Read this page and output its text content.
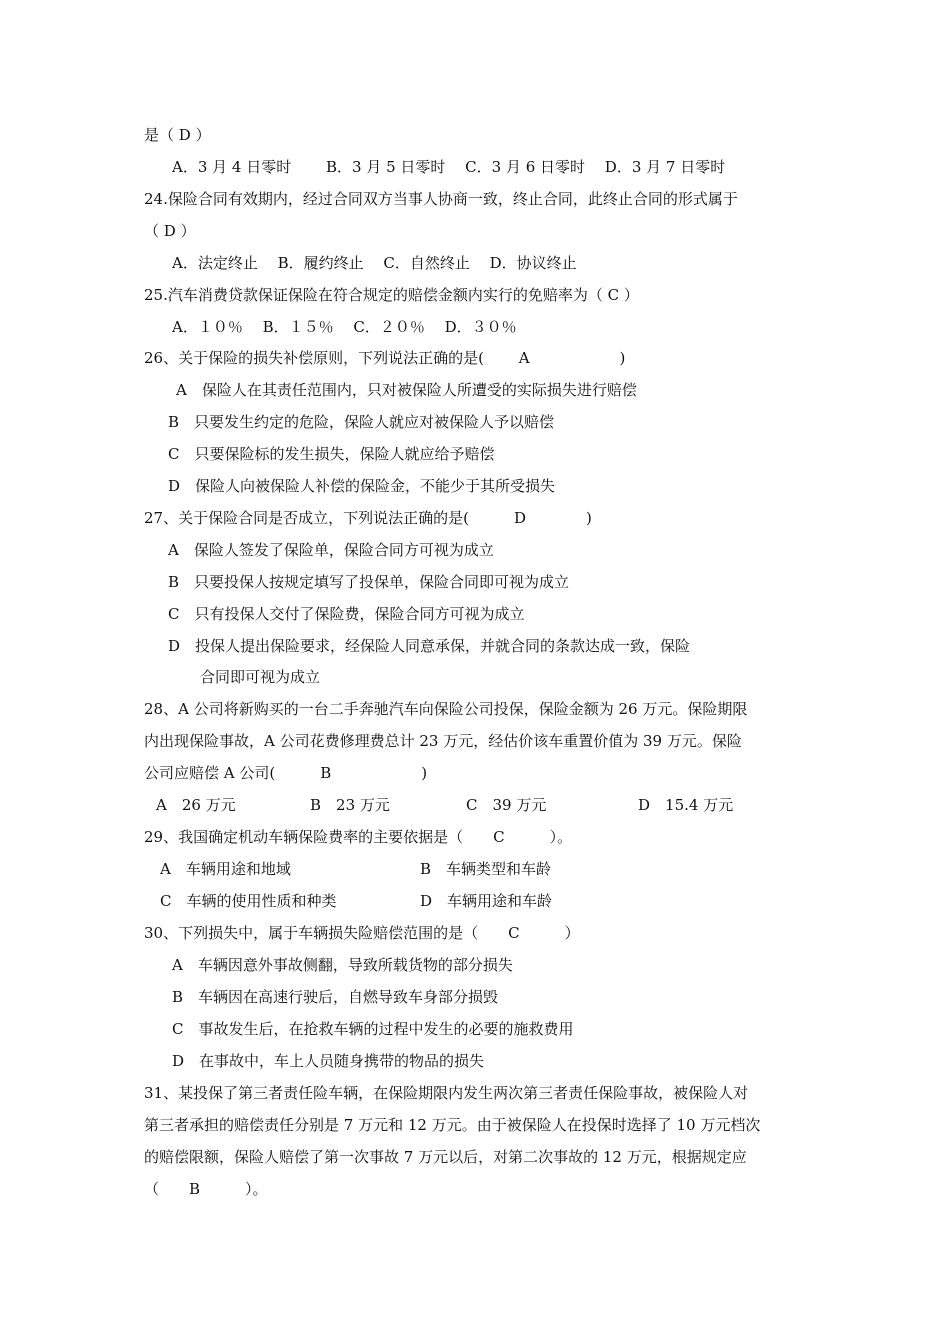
是（ D ）
A．3 月 4 日零时　　 B．3 月 5 日零时　 C．3 月 6 日零时　 D．3 月 7 日零时
24.保险合同有效期内，经过合同双方当事人协商一致，终止合同，此终止合同的形式属于
（ D ）
A．法定终止　 B．履约终止　 C．自然终止　 D．协议终止
25.汽车消费贷款保证保险在符合规定的赔偿金额内实行的免赔率为（ C ）
A．１０％　 B．１５％　 C．２０％　 D．３０％
26、关于保险的损失补偿原则，下列说法正确的是(　　 A　　　　　　)
A　保险人在其责任范围内，只对被保险人所遭受的实际损失进行赔偿
B　只要发生约定的危险，保险人就应对被保险人予以赔偿
C　只要保险标的发生损失，保险人就应给予赔偿
D　保险人向被保险人补偿的保险金，不能少于其所受损失
27、关于保险合同是否成立，下列说法正确的是(　　　D　　　　)
A　保险人签发了保险单，保险合同方可视为成立
B　只要投保人按规定填写了投保单，保险合同即可视为成立
C　只有投保人交付了保险费，保险合同方可视为成立
D　投保人提出保险要求，经保险人同意承保，并就合同的条款达成一致，保险
合同即可视为成立
28、A 公司将新购买的一台二手奔驰汽车向保险公司投保，保险金额为 26 万元。保险期限
内出现保险事故，A 公司花费修理费总计 23 万元，经估价该车重置价值为 39 万元。保险
公司应赔偿 A 公司(　　　B　　　　　　)
A　26 万元	B　23 万元	C　39 万元	D　15.4 万元
29、我国确定机动车辆保险费率的主要依据是（　　C　　　）。
A　车辆用途和地域	B　车辆类型和车龄
C　车辆的使用性质和种类	D　车辆用途和车龄
30、下列损失中，属于车辆损失险赔偿范围的是（　　C　　　）
A　车辆因意外事故侧翻，导致所载货物的部分损失
B　车辆因在高速行驶后，自燃导致车身部分损毁
C　事故发生后，在抢救车辆的过程中发生的必要的施救费用
D　在事故中，车上人员随身携带的物品的损失
31、某投保了第三者责任险车辆，在保险期限内发生两次第三者责任保险事故，被保险人对
第三者承担的赔偿责任分别是 7 万元和 12 万元。由于被保险人在投保时选择了 10 万元档次
的赔偿限额，保险人赔偿了第一次事故 7 万元以后，对第二次事故的 12 万元，根据规定应
（　　B　　　）。
